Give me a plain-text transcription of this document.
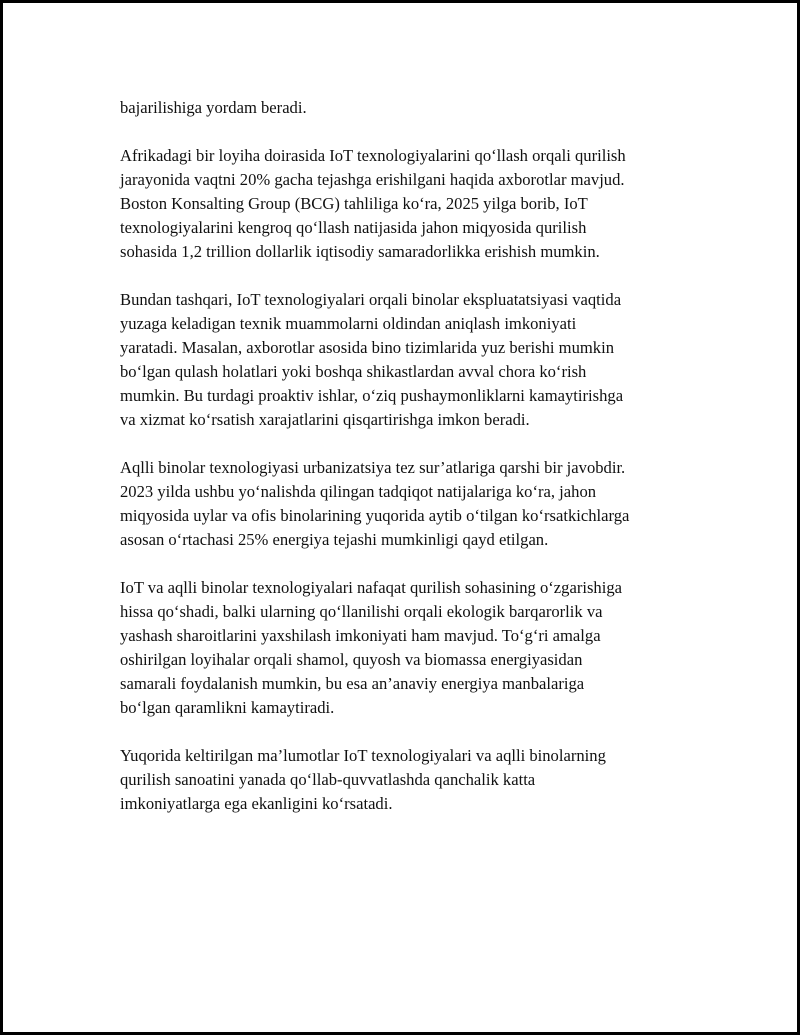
bajarilishiga yordam beradi.

Afrikadagi bir loyiha doirasida IoT texnologiyalarini qo‘llash orqali qurilish
jarayonida vaqtni 20% gacha tejashga erishilgani haqida axborotlar mavjud.
Boston Konsalting Group (BCG) tahliliga ko‘ra, 2025 yilga borib, IoT
texnologiyalarini kengroq qo‘llash natijasida jahon miqyosida qurilish
sohasida 1,2 trillion dollarlik iqtisodiy samaradorlikka erishish mumkin.

Bundan tashqari, IoT texnologiyalari orqali binolar ekspluatatsiyasi vaqtida
yuzaga keladigan texnik muammolarni oldindan aniqlash imkoniyati
yaratadi. Masalan, axborotlar asosida bino tizimlarida yuz berishi mumkin
bo‘lgan qulash holatlari yoki boshqa shikastlardan avval chora ko‘rish
mumkin. Bu turdagi proaktiv ishlar, o‘ziq pushaymonliklarni kamaytirishga
va xizmat ko‘rsatish xarajatlarini qisqartirishga imkon beradi.

Aqlli binolar texnologiyasi urbanizatsiya tez sur’atlariga qarshi bir javobdir.
2023 yilda ushbu yo‘nalishda qilingan tadqiqot natijalariga ko‘ra, jahon
miqyosida uylar va ofis binolarining yuqorida aytib o‘tilgan ko‘rsatkichlarga
asosan o‘rtachasi 25% energiya tejashi mumkinligi qayd etilgan.

IoT va aqlli binolar texnologiyalari nafaqat qurilish sohasining o‘zgarishiga
hissa qo‘shadi, balki ularning qo‘llanilishi orqali ekologik barqarorlik va
yashash sharoitlarini yaxshilash imkoniyati ham mavjud. To‘g‘ri amalga
oshirilgan loyihalar orqali shamol, quyosh va biomassa energiyasidan
samarali foydalanish mumkin, bu esa an’anaviy energiya manbalariga
bo‘lgan qaramlikni kamaytiradi.

Yuqorida keltirilgan ma’lumotlar IoT texnologiyalari va aqlli binolarning
qurilish sanoatini yanada qo‘llab-quvvatlashda qanchalik katta
imkoniyatlarga ega ekanligini ko‘rsatadi.
